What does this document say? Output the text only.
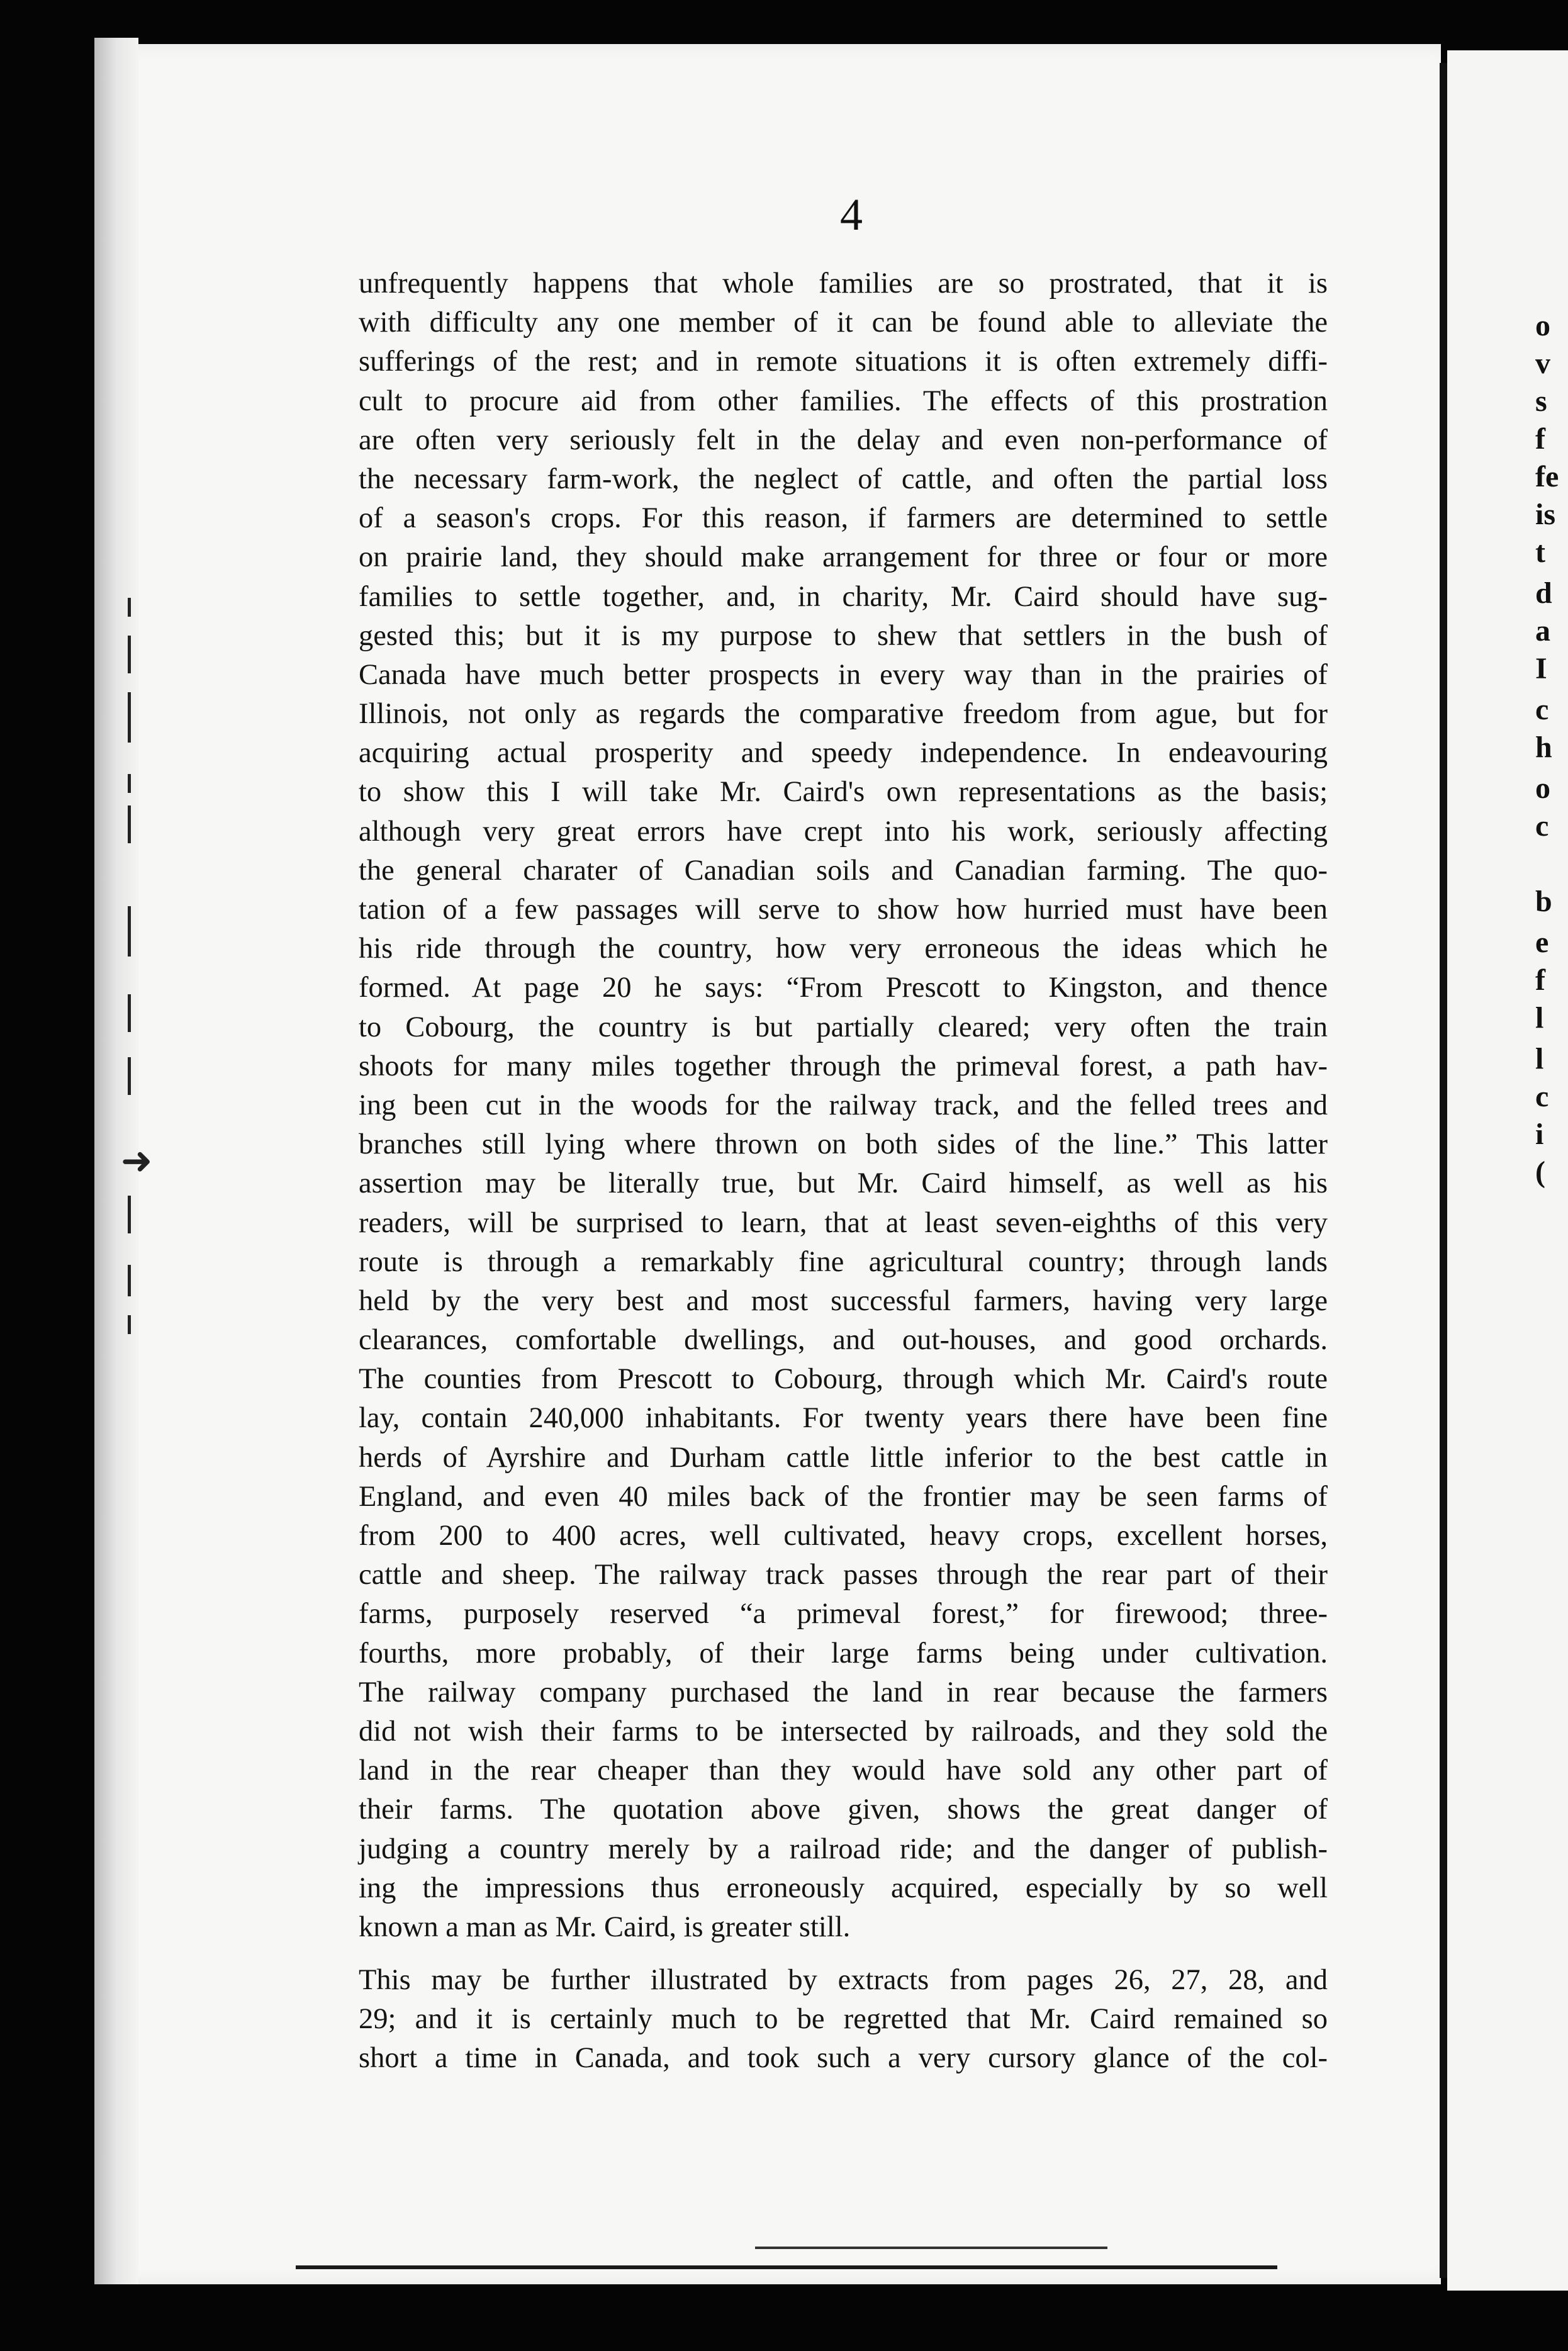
o
v
s
f
fe
is
t
d
a
I
c
h
o
c
b
e
f
l
l
c
i
(
➜
4
unfrequently happens that whole families are so prostrated, that it is
with difficulty any one member of it can be found able to alleviate the
sufferings of the rest; and in remote situations it is often extremely diffi-
cult to procure aid from other families. The effects of this prostration
are often very seriously felt in the delay and even non-performance of
the necessary farm-work, the neglect of cattle, and often the partial loss
of a season's crops. For this reason, if farmers are determined to settle
on prairie land, they should make arrangement for three or four or more
families to settle together, and, in charity, Mr. Caird should have sug-
gested this; but it is my purpose to shew that settlers in the bush of
Canada have much better prospects in every way than in the prairies of
Illinois, not only as regards the comparative freedom from ague, but for
acquiring actual prosperity and speedy independence. In endeavouring
to show this I will take Mr. Caird's own representations as the basis;
although very great errors have crept into his work, seriously affecting
the general charater of Canadian soils and Canadian farming. The quo-
tation of a few passages will serve to show how hurried must have been
his ride through the country, how very erroneous the ideas which he
formed. At page 20 he says: “From Prescott to Kingston, and thence
to Cobourg, the country is but partially cleared; very often the train
shoots for many miles together through the primeval forest, a path hav-
ing been cut in the woods for the railway track, and the felled trees and
branches still lying where thrown on both sides of the line.” This latter
assertion may be literally true, but Mr. Caird himself, as well as his
readers, will be surprised to learn, that at least seven-eighths of this very
route is through a remarkably fine agricultural country; through lands
held by the very best and most successful farmers, having very large
clearances, comfortable dwellings, and out-houses, and good orchards.
The counties from Prescott to Cobourg, through which Mr. Caird's route
lay, contain 240,000 inhabitants. For twenty years there have been fine
herds of Ayrshire and Durham cattle little inferior to the best cattle in
England, and even 40 miles back of the frontier may be seen farms of
from 200 to 400 acres, well cultivated, heavy crops, excellent horses,
cattle and sheep. The railway track passes through the rear part of their
farms, purposely reserved “a primeval forest,” for firewood; three-
fourths, more probably, of their large farms being under cultivation.
The railway company purchased the land in rear because the farmers
did not wish their farms to be intersected by railroads, and they sold the
land in the rear cheaper than they would have sold any other part of
their farms. The quotation above given, shows the great danger of
judging a country merely by a railroad ride; and the danger of publish-
ing the impressions thus erroneously acquired, especially by so well
known a man as Mr. Caird, is greater still.
This may be further illustrated by extracts from pages 26, 27, 28, and
29; and it is certainly much to be regretted that Mr. Caird remained so
short a time in Canada, and took such a very cursory glance of the col-
